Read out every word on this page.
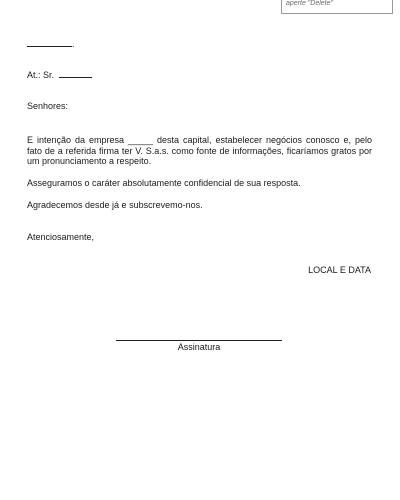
aperte "Delete"
.
At.: Sr.
Senhores:
E intenção da empresa _____ desta capital, estabelecer negócios conosco e, pelo fato de a referida firma ter V. S.a.s. como fonte de informações, ficaríamos gratos por um pronunciamento a respeito.
Asseguramos o caráter absolutamente confidencial de sua resposta.
Agradecemos desde já e subscrevemo-nos.
Atenciosamente,
LOCAL E DATA
Assinatura
